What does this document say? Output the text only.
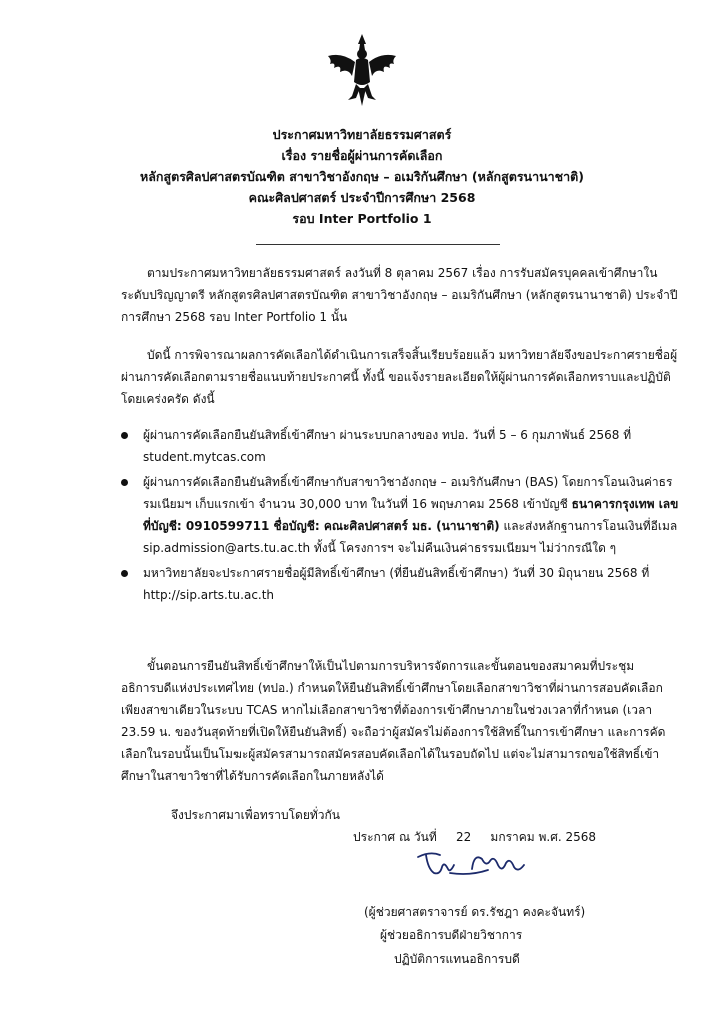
ประกาศมหาวิทยาลัยธรรมศาสตร์
เรื่อง รายชื่อผู้ผ่านการคัดเลือก
หลักสูตรศิลปศาสตรบัณฑิต สาขาวิชาอังกฤษ – อเมริกันศึกษา (หลักสูตรนานาชาติ)
คณะศิลปศาสตร์ ประจำปีการศึกษา 2568
รอบ Inter Portfolio 1
ตามประกาศมหาวิทยาลัยธรรมศาสตร์ ลงวันที่ 8 ตุลาคม 2567 เรื่อง การรับสมัครบุคคลเข้าศึกษาในระดับปริญญาตรี หลักสูตรศิลปศาสตรบัณฑิต สาขาวิชาอังกฤษ – อเมริกันศึกษา (หลักสูตรนานาชาติ) ประจำปีการศึกษา 2568 รอบ Inter Portfolio 1 นั้น
บัดนี้ การพิจารณาผลการคัดเลือกได้ดำเนินการเสร็จสิ้นเรียบร้อยแล้ว มหาวิทยาลัยจึงขอประกาศรายชื่อผู้ผ่านการคัดเลือกตามรายชื่อแนบท้ายประกาศนี้ ทั้งนี้ ขอแจ้งรายละเอียดให้ผู้ผ่านการคัดเลือกทราบและปฏิบัติโดยเคร่งครัด ดังนี้
ผู้ผ่านการคัดเลือกยืนยันสิทธิ์เข้าศึกษา ผ่านระบบกลางของ ทปอ. วันที่ 5 – 6 กุมภาพันธ์ 2568 ที่ student.mytcas.com
ผู้ผ่านการคัดเลือกยืนยันสิทธิ์เข้าศึกษากับสาขาวิชาอังกฤษ – อเมริกันศึกษา (BAS) โดยการโอนเงินค่าธรรมเนียมฯ เก็บแรกเข้า จำนวน 30,000 บาท ในวันที่ 16 พฤษภาคม 2568 เข้าบัญชี ธนาคารกรุงเทพ เลขที่บัญชี: 0910599711 ชื่อบัญชี: คณะศิลปศาสตร์ มธ. (นานาชาติ) และส่งหลักฐานการโอนเงินที่อีเมล sip.admission@arts.tu.ac.th ทั้งนี้ โครงการฯ จะไม่คืนเงินค่าธรรมเนียมฯ ไม่ว่ากรณีใด ๆ
มหาวิทยาลัยจะประกาศรายชื่อผู้มีสิทธิ์เข้าศึกษา (ที่ยืนยันสิทธิ์เข้าศึกษา) วันที่ 30 มิถุนายน 2568 ที่ http://sip.arts.tu.ac.th
ขั้นตอนการยืนยันสิทธิ์เข้าศึกษาให้เป็นไปตามการบริหารจัดการและขั้นตอนของสมาคมที่ประชุมอธิการบดีแห่งประเทศไทย (ทปอ.) กำหนดให้ยืนยันสิทธิ์เข้าศึกษาโดยเลือกสาขาวิชาที่ผ่านการสอบคัดเลือกเพียงสาขาเดียวในระบบ TCAS หากไม่เลือกสาขาวิชาที่ต้องการเข้าศึกษาภายในช่วงเวลาที่กำหนด (เวลา 23.59 น. ของวันสุดท้ายที่เปิดให้ยืนยันสิทธิ์) จะถือว่าผู้สมัครไม่ต้องการใช้สิทธิ์ในการเข้าศึกษา และการคัดเลือกในรอบนั้นเป็นโมฆะผู้สมัครสามารถสมัครสอบคัดเลือกได้ในรอบถัดไป แต่จะไม่สามารถขอใช้สิทธิ์เข้าศึกษาในสาขาวิชาที่ได้รับการคัดเลือกในภายหลังได้
จึงประกาศมาเพื่อทราบโดยทั่วกัน
ประกาศ ณ วันที่ 22 มกราคม พ.ศ. 2568
(ผู้ช่วยศาสตราจารย์ ดร.รัชฎา คงคะจันทร์)
ผู้ช่วยอธิการบดีฝ่ายวิชาการ
ปฏิบัติการแทนอธิการบดี
